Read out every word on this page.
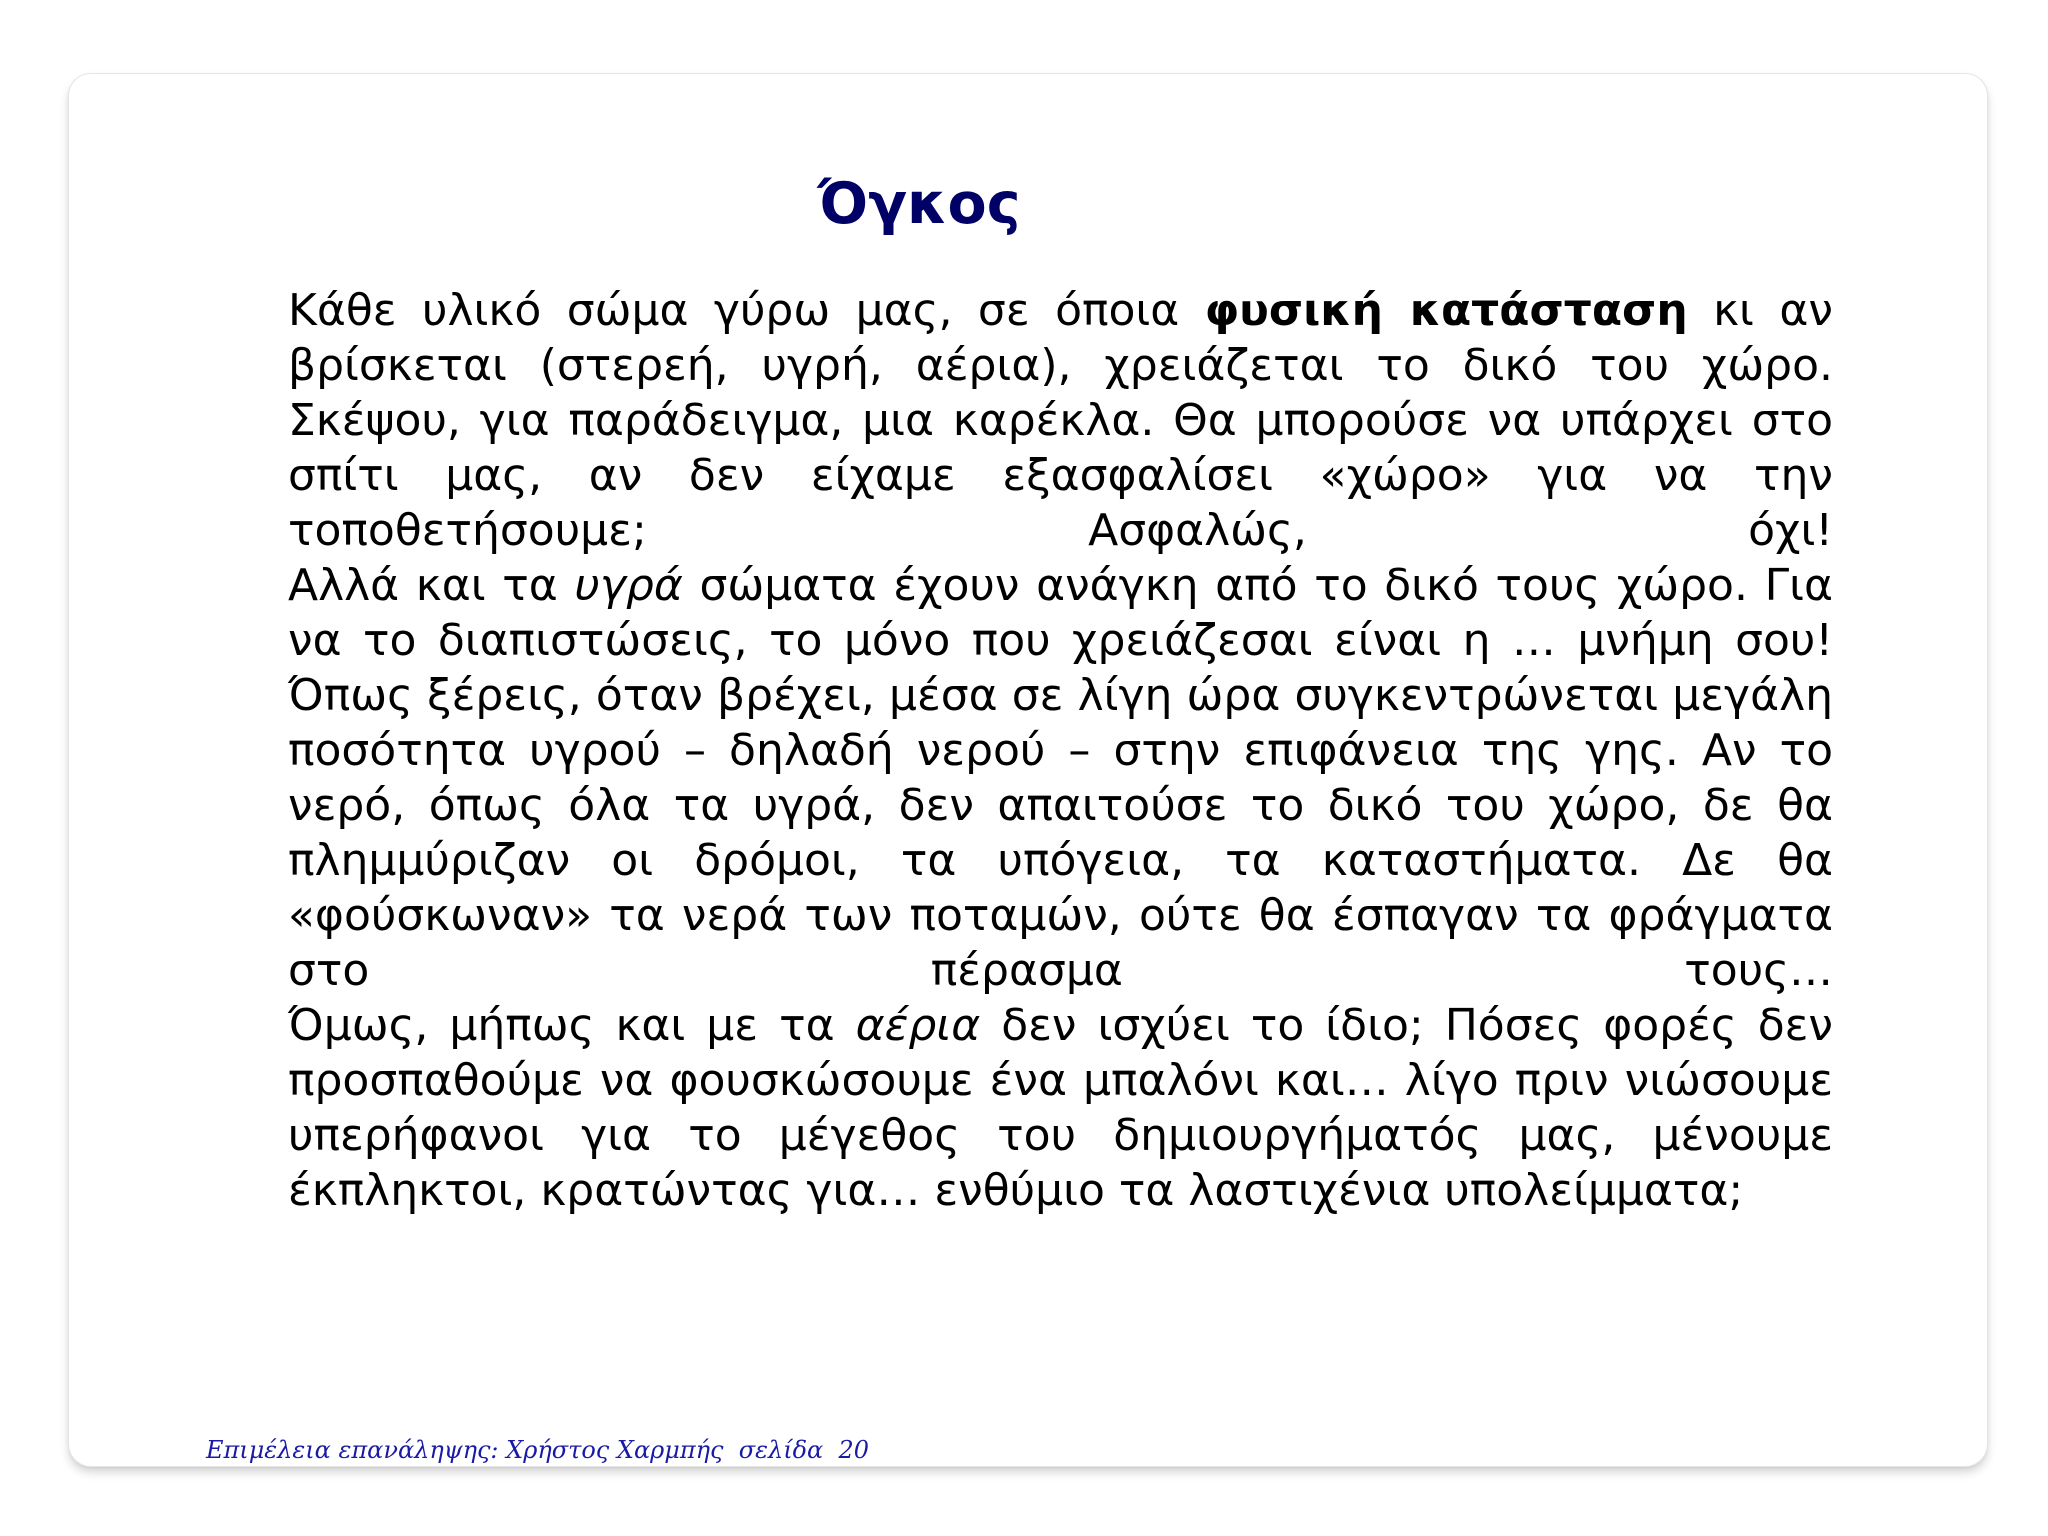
Όγκος

Κάθε υλικό σώμα γύρω μας, σε όποια φυσική κατάσταση κι αν βρίσκεται (στερεή, υγρή, αέρια), χρειάζεται το δικό του χώρο. Σκέψου, για παράδειγμα, μια καρέκλα. Θα μπορούσε να υπάρχει στο σπίτι μας, αν δεν είχαμε εξασφαλίσει «χώρο» για να την τοποθετήσουμε; Ασφαλώς, όχι!

Αλλά και τα υγρά σώματα έχουν ανάγκη από το δικό τους χώρο. Για να το διαπιστώσεις, το μόνο που χρειάζεσαι είναι η … μνήμη σου! Όπως ξέρεις, όταν βρέχει, μέσα σε λίγη ώρα συγκεντρώνεται μεγάλη ποσότητα υγρού – δηλαδή νερού – στην επιφάνεια της γης. Αν το νερό, όπως όλα τα υγρά, δεν απαιτούσε το δικό του χώρο, δε θα πλημμύριζαν οι δρόμοι, τα υπόγεια, τα καταστήματα. Δε θα «φούσκωναν» τα νερά των ποταμών, ούτε θα έσπαγαν τα φράγματα στο πέρασμα τους…

Όμως, μήπως και με τα αέρια δεν ισχύει το ίδιο; Πόσες φορές δεν προσπαθούμε να φουσκώσουμε ένα μπαλόνι και… λίγο πριν νιώσουμε υπερήφανοι για το μέγεθος του δημιουργήματός μας, μένουμε έκπληκτοι, κρατώντας για… ενθύμιο τα λαστιχένια υπολείμματα;

Επιμέλεια επανάληψης: Χρήστος Χαρμπής  σελίδα  20
